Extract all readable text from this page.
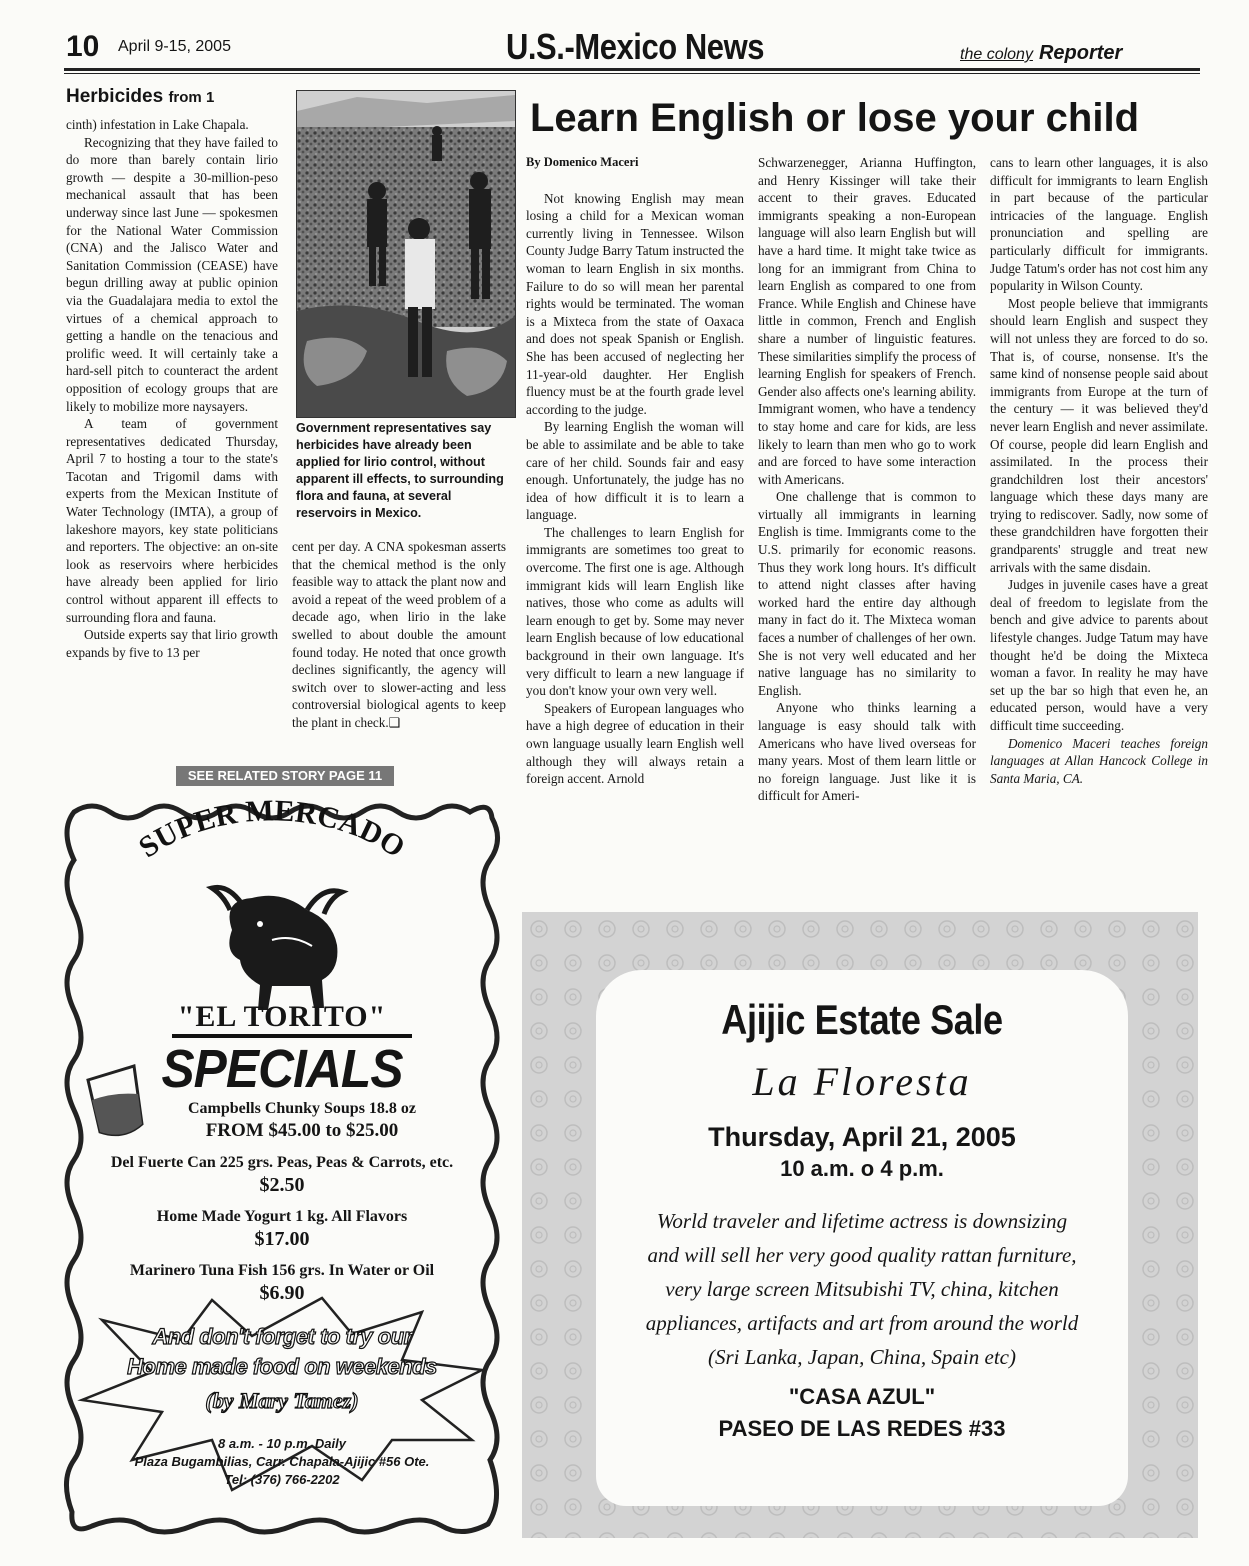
10 April 9-15, 2005	U.S.-Mexico News	the colony Reporter
Herbicides from 1

cinth) infestation in Lake Chapala.

Recognizing that they have failed to do more than barely contain lirio growth — despite a 30-million-peso mechanical assault that has been underway since last June — spokesmen for the National Water Commission (CNA) and the Jalisco Water and Sanitation Commission (CEASE) have begun drilling away at public opinion via the Guadalajara media to extol the virtues of a chemical approach to getting a handle on the tenacious and prolific weed. It will certainly take a hard-sell pitch to counteract the ardent opposition of ecology groups that are likely to mobilize more naysayers.

A team of government representatives dedicated Thursday, April 7 to hosting a tour to the state's Tacotan and Trigomil dams with experts from the Mexican Institute of Water Technology (IMTA), a group of lakeshore mayors, key state politicians and reporters. The objective: an on-site look as reservoirs where herbicides have already been applied for lirio control without apparent ill effects to surrounding flora and fauna.

Outside experts say that lirio growth expands by five to 13 per

Government representatives say herbicides have already been applied for lirio control, without apparent ill effects, to surrounding flora and fauna, at several reservoirs in Mexico.

cent per day. A CNA spokesman asserts that the chemical method is the only feasible way to attack the plant now and avoid a repeat of the weed problem of a decade ago, when lirio in the lake swelled to about double the amount found today. He noted that once growth declines significantly, the agency will switch over to slower-acting and less controversial biological agents to keep the plant in check.❑

SEE RELATED STORY PAGE 11
Learn English or lose your child

By Domenico Maceri

Not knowing English may mean losing a child for a Mexican woman currently living in Tennessee. Wilson County Judge Barry Tatum instructed the woman to learn English in six months. Failure to do so will mean her parental rights would be terminated. The woman is a Mixteca from the state of Oaxaca and does not speak Spanish or English. She has been accused of neglecting her 11-year-old daughter. Her English fluency must be at the fourth grade level according to the judge.

By learning English the woman will be able to assimilate and be able to take care of her child. Sounds fair and easy enough. Unfortunately, the judge has no idea of how difficult it is to learn a language.

The challenges to learn English for immigrants are sometimes too great to overcome. The first one is age. Although immigrant kids will learn English like natives, those who come as adults will learn enough to get by. Some may never learn English because of low educational background in their own language. It's very difficult to learn a new language if you don't know your own very well.

Speakers of European languages who have a high degree of education in their own language usually learn English well although they will always retain a foreign accent. Arnold

Schwarzenegger, Arianna Huffington, and Henry Kissinger will take their accent to their graves. Educated immigrants speaking a non-European language will also learn English but will have a hard time. It might take twice as long for an immigrant from China to learn English as compared to one from France. While English and Chinese have little in common, French and English share a number of linguistic features. These similarities simplify the process of learning English for speakers of French. Gender also affects one's learning ability. Immigrant women, who have a tendency to stay home and care for kids, are less likely to learn than men who go to work and are forced to have some interaction with Americans.

One challenge that is common to virtually all immigrants in learning English is time. Immigrants come to the U.S. primarily for economic reasons. Thus they work long hours. It's difficult to attend night classes after having worked hard the entire day although many in fact do it. The Mixteca woman faces a number of challenges of her own. She is not very well educated and her native language has no similarity to English.

Anyone who thinks learning a language is easy should talk with Americans who have lived overseas for many years. Most of them learn little or no foreign language. Just like it is difficult for Ameri-

cans to learn other languages, it is also difficult for immigrants to learn English in part because of the particular intricacies of the language. English pronunciation and spelling are particularly difficult for immigrants. Judge Tatum's order has not cost him any popularity in Wilson County.

Most people believe that immigrants should learn English and suspect they will not unless they are forced to do so. That is, of course, nonsense. It's the same kind of nonsense people said about immigrants from Europe at the turn of the century — it was believed they'd never learn English and never assimilate. Of course, people did learn English and assimilated. In the process their grandchildren lost their ancestors' language which these days many are trying to rediscover. Sadly, now some of these grandchildren have forgotten their grandparents' struggle and treat new arrivals with the same disdain.

Judges in juvenile cases have a great deal of freedom to legislate from the bench and give advice to parents about lifestyle changes. Judge Tatum may have thought he'd be doing the Mixteca woman a favor. In reality he may have set up the bar so high that even he, an educated person, would have a very difficult time succeeding.

Domenico Maceri teaches foreign languages at Allan Hancock College in Santa Maria, CA.

SUPER MERCADO
"EL TORITO"
SPECIALS
Campbells Chunky Soups 18.8 oz
FROM $45.00 to $25.00
Del Fuerte Can 225 grs. Peas, Peas & Carrots, etc.
$2.50
Home Made Yogurt 1 kg. All Flavors
$17.00
Marinero Tuna Fish 156 grs. In Water or Oil
$6.90
And don't forget to try our
Home made food on weekends
(by Mary Tamez)
8 a.m. - 10 p.m. Daily
Plaza Bugambilias, Carr. Chapala-Ajijic #56 Ote.
Tel: (376) 766-2202
Ajijic Estate Sale
La Floresta
Thursday, April 21, 2005
10 a.m. o 4 p.m.
World traveler and lifetime actress is downsizing
and will sell her very good quality rattan furniture,
very large screen Mitsubishi TV, china, kitchen
appliances, artifacts and art from around the world
(Sri Lanka, Japan, China, Spain etc)
"CASA AZUL"
PASEO DE LAS REDES #33
